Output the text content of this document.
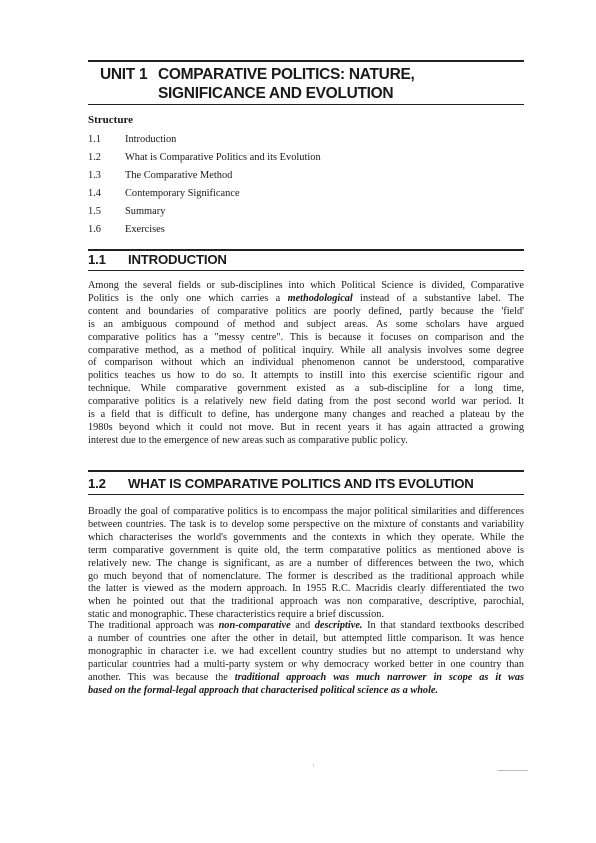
UNIT 1 COMPARATIVE POLITICS: NATURE,
SIGNIFICANCE AND EVOLUTION
Structure
1.1	Introduction
1.2	What is Comparative Politics and its Evolution
1.3	The Comparative Method
1.4	Contemporary Significance
1.5	Summary
1.6	Exercises
1.1	INTRODUCTION
Among the several fields or sub-disciplines into which Political Science is divided, Comparative
Politics is the only one which carries a methodological instead of a substantive label. The
content and boundaries of comparative politics are poorly defined, partly because the 'field'
is an ambiguous compound of method and subject areas. As some scholars have argued
comparative politics has a "messy centre". This is because it focuses on comparison and the
comparative method, as a method of political inquiry. While all analysis involves some degree
of comparison without which an individual phenomenon cannot be understood, comparative
politics teaches us how to do so. It attempts to instill into this exercise scientific rigour and
technique. While comparative government existed as a sub-discipline for a long time,
comparative politics is a relatively new field dating from the post second world war period. It
is a field that is difficult to define, has undergone many changes and reached a plateau by the
1980s beyond which it could not move. But in recent years it has again attracted a growing
interest due to the emergence of new areas such as comparative public policy.
1.2	WHAT IS COMPARATIVE POLITICS AND ITS EVOLUTION
Broadly the goal of comparative politics is to encompass the major political similarities and differences
between countries. The task is to develop some perspective on the mixture of constants and variability
which characterises the world's governments and the contexts in which they operate. While the
term comparative government is quite old, the term comparative politics as mentioned above is
relatively new. The change is significant, as are a number of differences between the two, which
go much beyond that of nomenclature. The former is described as the traditional approach while
the latter is viewed as the modern approach. In 1955 R.C. Macridis clearly differentiated the two
when he pointed out that the traditional approach was non comparative, descriptive, parochial,
static and monographic. These characteristics require a brief discussion.
The traditional approach was non-comparative and descriptive. In that standard textbooks described
a number of countries one after the other in detail, but attempted little comparison. It was hence
monographic in character i.e. we had excellent country studies but no attempt to understand why
particular countries had a multi-party system or why democracy worked better in one country than
another. This was because the traditional approach was much narrower in scope as it was
based on the formal-legal approach that characterised political science as a whole.
·
